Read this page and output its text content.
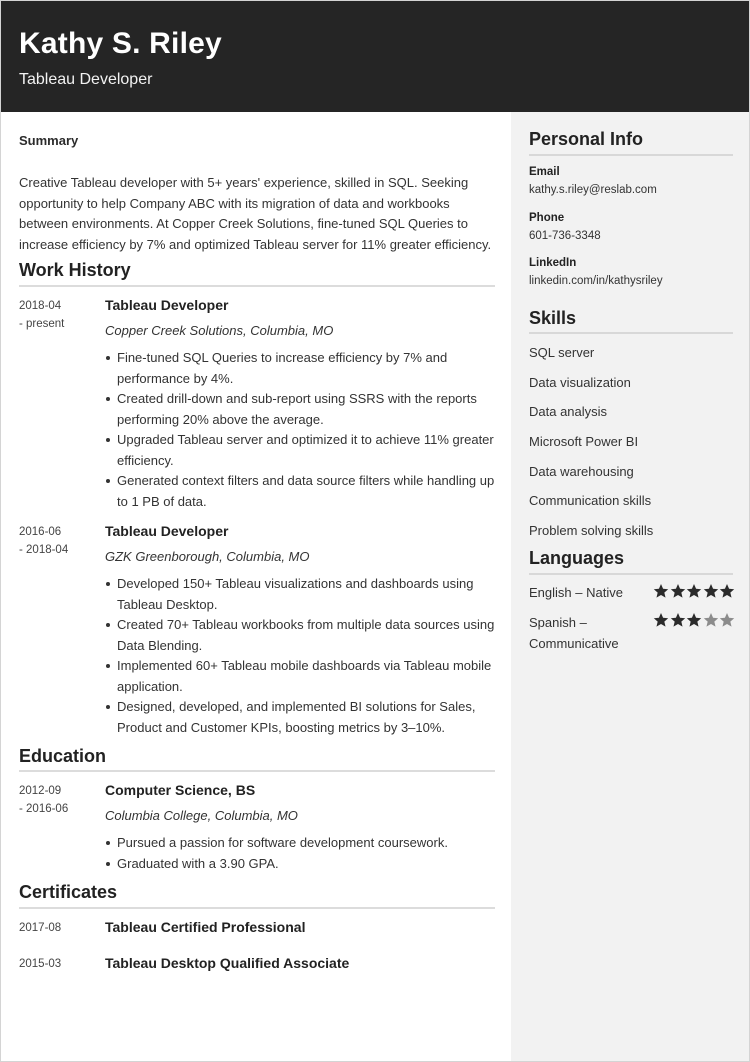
Kathy S. Riley
Tableau Developer
Summary
Creative Tableau developer with 5+ years' experience, skilled in SQL. Seeking opportunity to help Company ABC with its migration of data and workbooks between environments. At Copper Creek Solutions, fine-tuned SQL Queries to increase efficiency by 7% and optimized Tableau server for 11% greater efficiency.
Work History
2018-04
- present
Tableau Developer
Copper Creek Solutions, Columbia, MO
Fine-tuned SQL Queries to increase efficiency by 7% and performance by 4%.
Created drill-down and sub-report using SSRS with the reports performing 20% above the average.
Upgraded Tableau server and optimized it to achieve 11% greater efficiency.
Generated context filters and data source filters while handling up to 1 PB of data.
2016-06
- 2018-04
Tableau Developer
GZK Greenborough, Columbia, MO
Developed 150+ Tableau visualizations and dashboards using Tableau Desktop.
Created 70+ Tableau workbooks from multiple data sources using Data Blending.
Implemented 60+ Tableau mobile dashboards via Tableau mobile application.
Designed, developed, and implemented BI solutions for Sales, Product and Customer KPIs, boosting metrics by 3–10%.
Education
2012-09
- 2016-06
Computer Science, BS
Columbia College, Columbia, MO
Pursued a passion for software development coursework.
Graduated with a 3.90 GPA.
Certificates
2017-08	Tableau Certified Professional
2015-03	Tableau Desktop Qualified Associate
Personal Info
Email
kathy.s.riley@reslab.com
Phone
601-736-3348
LinkedIn
linkedin.com/in/kathysriley
Skills
SQL server
Data visualization
Data analysis
Microsoft Power BI
Data warehousing
Communication skills
Problem solving skills
Languages
English – Native
Spanish – Communicative
